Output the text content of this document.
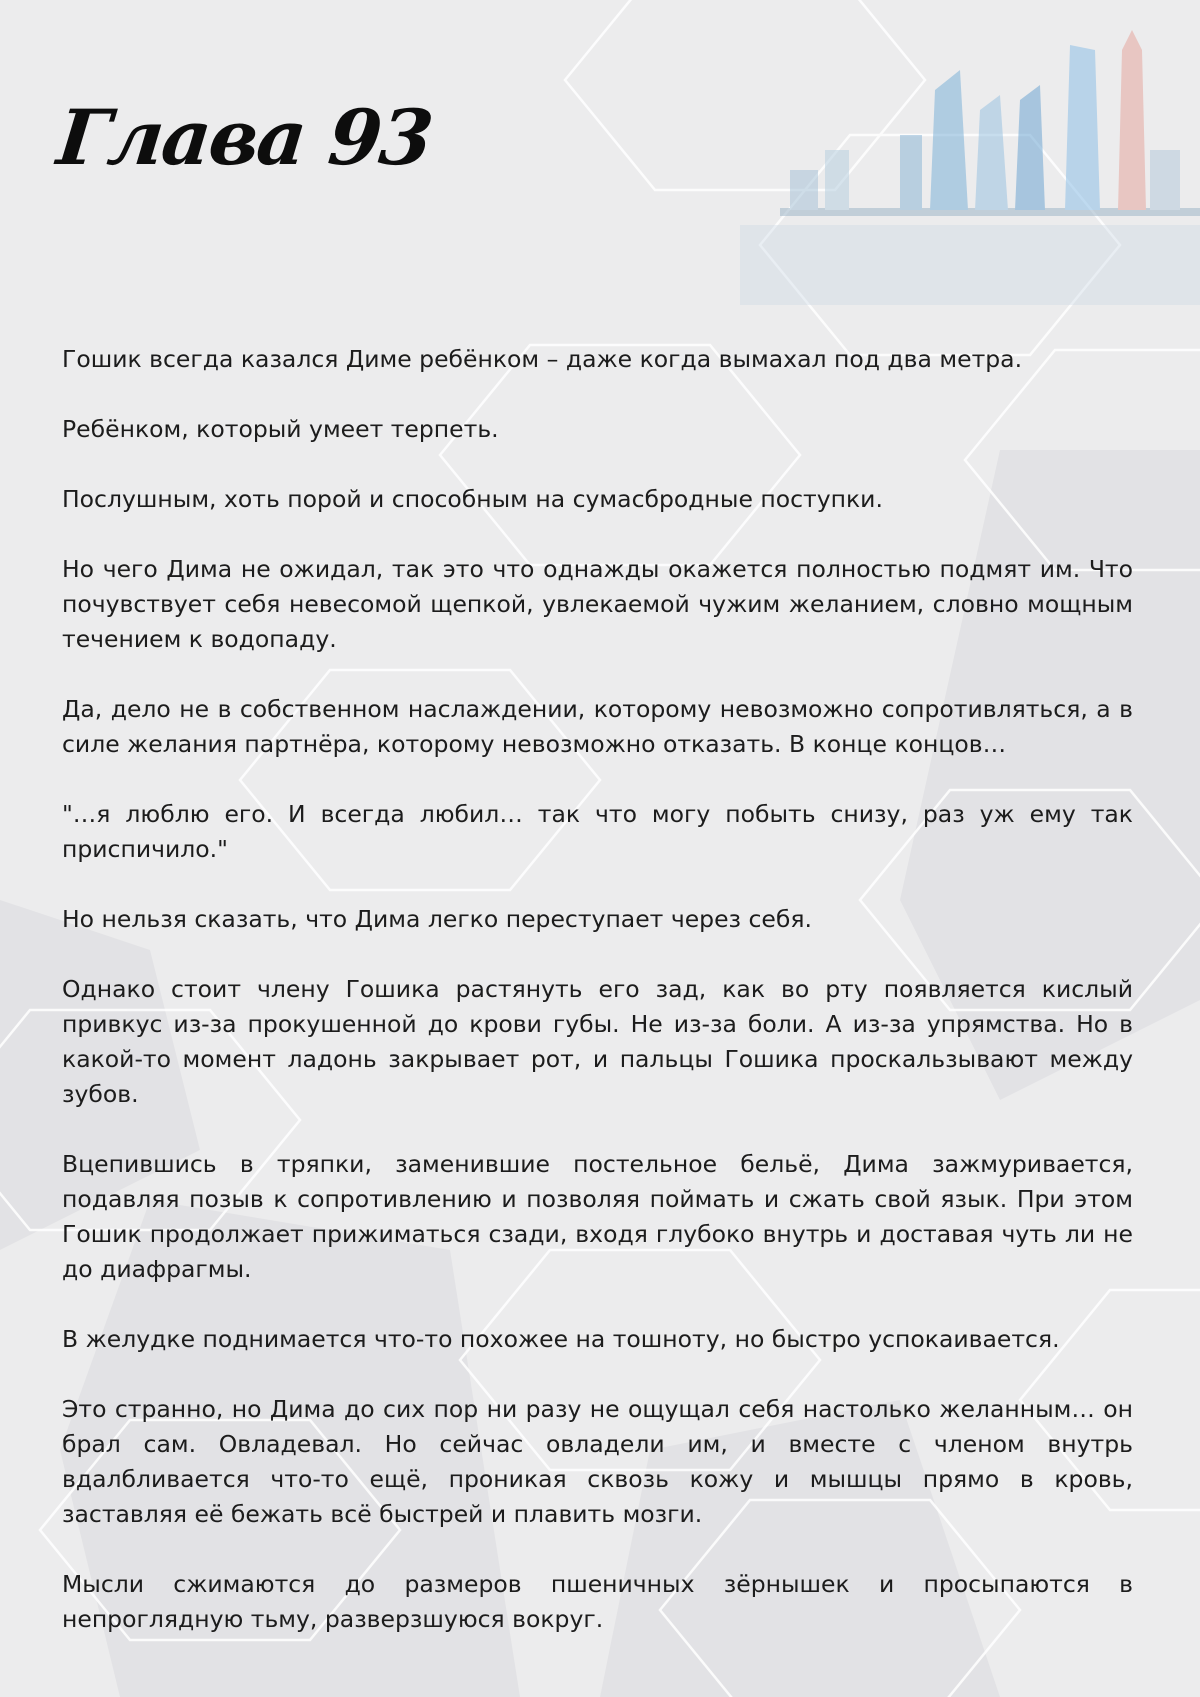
Глава 93

Гошик всегда казался Диме ребёнком – даже когда вымахал под два метра.

Ребёнком, который умеет терпеть.

Послушным, хоть порой и способным на сумасбродные поступки.

Но чего Дима не ожидал, так это что однажды окажется полностью подмят им. Что почувствует себя невесомой щепкой, увлекаемой чужим желанием, словно мощным течением к водопаду.

Да, дело не в собственном наслаждении, которому невозможно сопротивляться, а в силе желания партнёра, которому невозможно отказать. В конце концов…

"…я люблю его. И всегда любил… так что могу побыть снизу, раз уж ему так приспичило."

Но нельзя сказать, что Дима легко переступает через себя.

Однако стоит члену Гошика растянуть его зад, как во рту появляется кислый привкус из-за прокушенной до крови губы. Не из-за боли. А из-за упрямства. Но в какой-то момент ладонь закрывает рот, и пальцы Гошика проскальзывают между зубов.

Вцепившись в тряпки, заменившие постельное бельё, Дима зажмуривается, подавляя позыв к сопротивлению и позволяя поймать и сжать свой язык. При этом Гошик продолжает прижиматься сзади, входя глубоко внутрь и доставая чуть ли не до диафрагмы.

В желудке поднимается что-то похожее на тошноту, но быстро успокаивается.

Это странно, но Дима до сих пор ни разу не ощущал себя настолько желанным… он брал сам. Овладевал. Но сейчас овладели им, и вместе с членом внутрь вдалбливается что-то ещё, проникая сквозь кожу и мышцы прямо в кровь, заставляя её бежать всё быстрей и плавить мозги.

Мысли сжимаются до размеров пшеничных зёрнышек и просыпаются в непроглядную тьму, разверзшуюся вокруг.
